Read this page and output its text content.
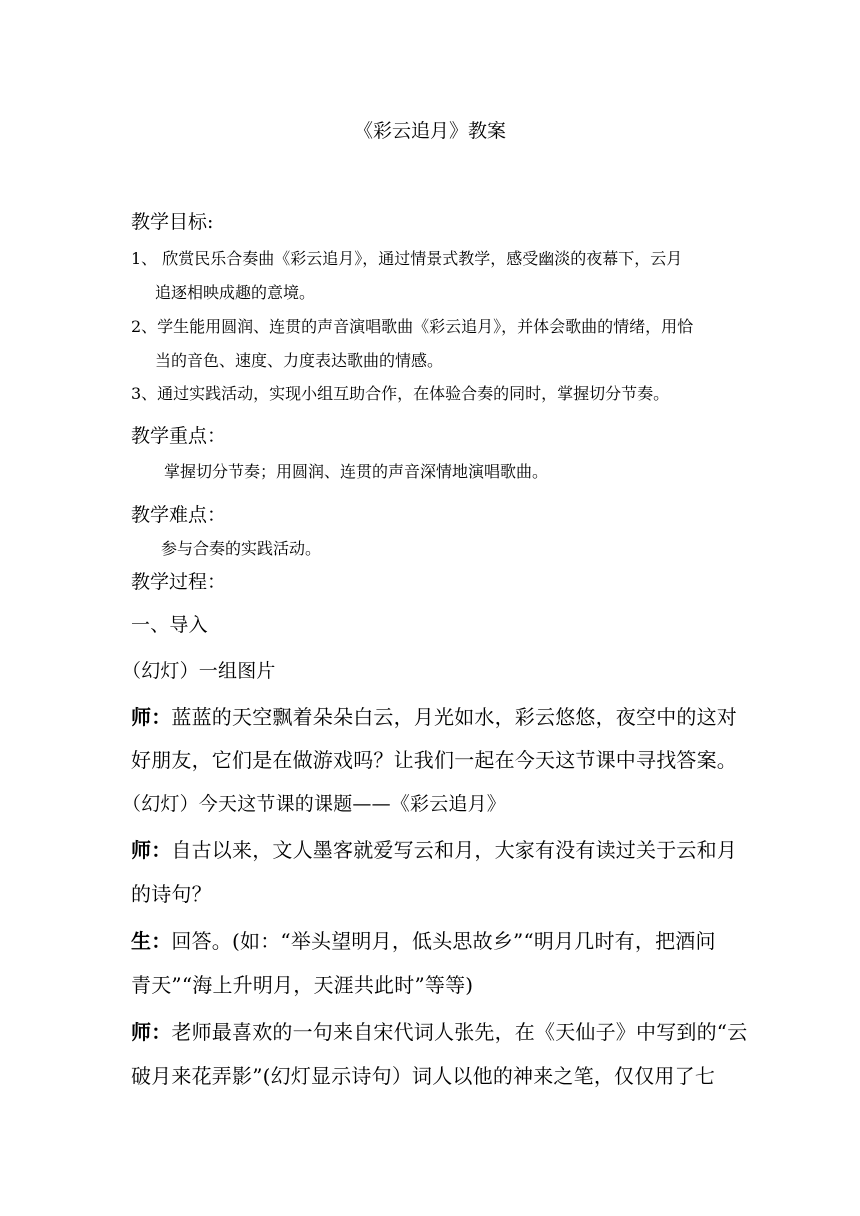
《彩云追月》教案
教学目标:
1、 欣赏民乐合奏曲《彩云追月》，通过情景式教学，感受幽淡的夜幕下，云月
追逐相映成趣的意境。
2、学生能用圆润、连贯的声音演唱歌曲《彩云追月》，并体会歌曲的情绪，用恰
当的音色、速度、力度表达歌曲的情感。
3、通过实践活动，实现小组互助合作，在体验合奏的同时，掌握切分节奏。
教学重点：
掌握切分节奏；用圆润、连贯的声音深情地演唱歌曲。
教学难点：
参与合奏的实践活动。
教学过程：
一、导入
（幻灯）一组图片
师：蓝蓝的天空飘着朵朵白云，月光如水，彩云悠悠，夜空中的这对
好朋友，它们是在做游戏吗？让我们一起在今天这节课中寻找答案。
（幻灯）今天这节课的课题——《彩云追月》
师：自古以来，文人墨客就爱写云和月，大家有没有读过关于云和月
的诗句？
生：回答。(如：“举头望明月，低头思故乡”“明月几时有，把酒问
青天”“海上升明月，天涯共此时”等等)
师：老师最喜欢的一句来自宋代词人张先，在《天仙子》中写到的“云
破月来花弄影”(幻灯显示诗句）词人以他的神来之笔，仅仅用了七
